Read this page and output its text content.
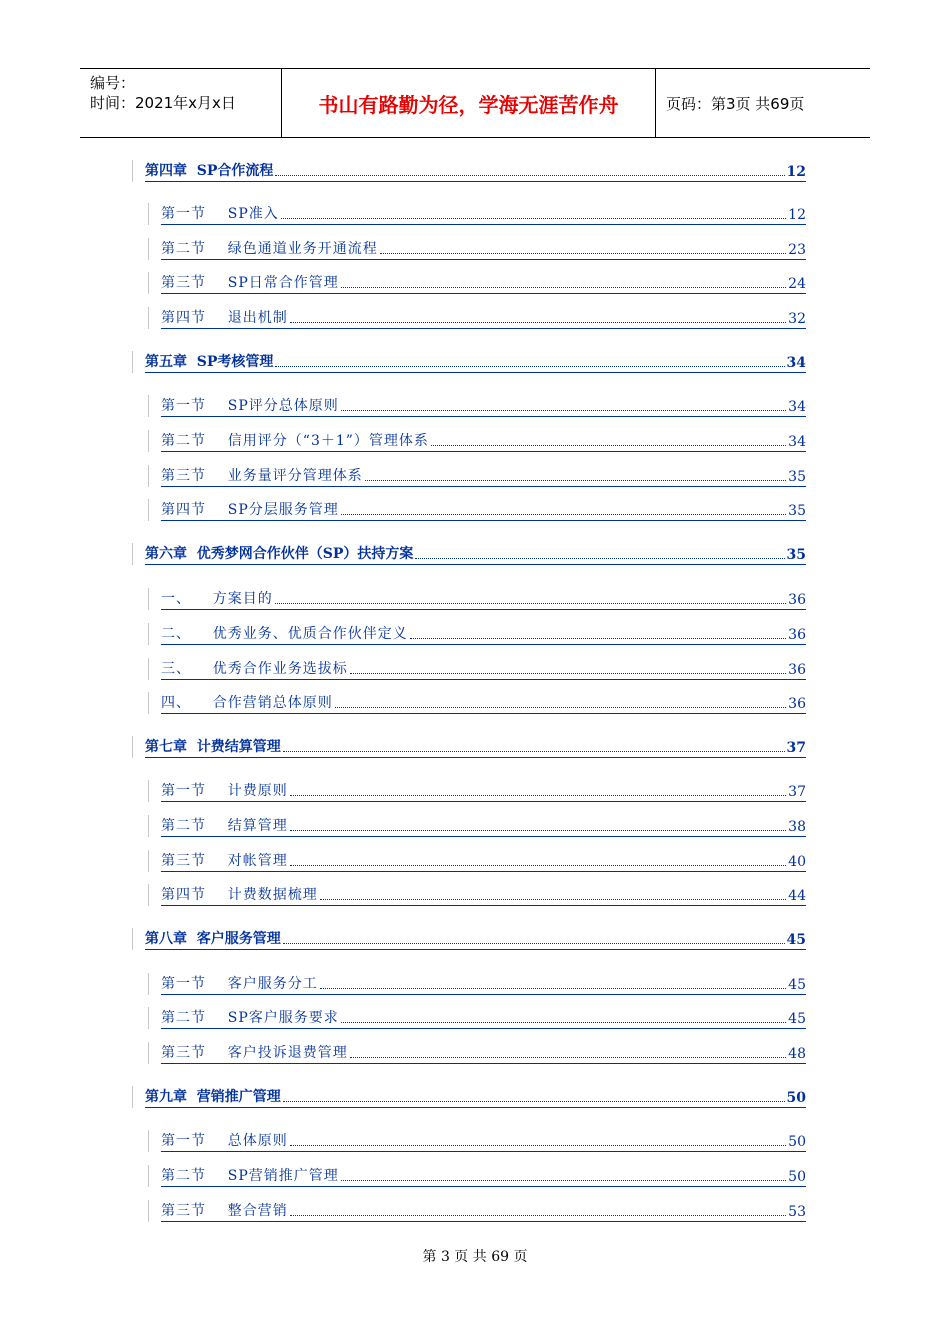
编号：
时间：2021年x月x日	书山有路勤为径，学海无涯苦作舟	页码：第3页 共69页
第四章  SP合作流程	12
第一节    SP准入	12
第二节    绿色通道业务开通流程	23
第三节    SP日常合作管理	24
第四节    退出机制	32
第五章  SP考核管理	34
第一节    SP评分总体原则	34
第二节    信用评分（“3＋1”）管理体系	34
第三节    业务量评分管理体系	35
第四节    SP分层服务管理	35
第六章  优秀梦网合作伙伴（SP）扶持方案	35
一、    方案目的	36
二、    优秀业务、优质合作伙伴定义	36
三、    优秀合作业务选拔标	36
四、    合作营销总体原则	36
第七章  计费结算管理	37
第一节    计费原则	37
第二节    结算管理	38
第三节    对帐管理	40
第四节    计费数据梳理	44
第八章  客户服务管理	45
第一节    客户服务分工	45
第二节    SP客户服务要求	45
第三节    客户投诉退费管理	48
第九章  营销推广管理	50
第一节    总体原则	50
第二节    SP营销推广管理	50
第三节    整合营销	53
第 3 页 共 69 页
